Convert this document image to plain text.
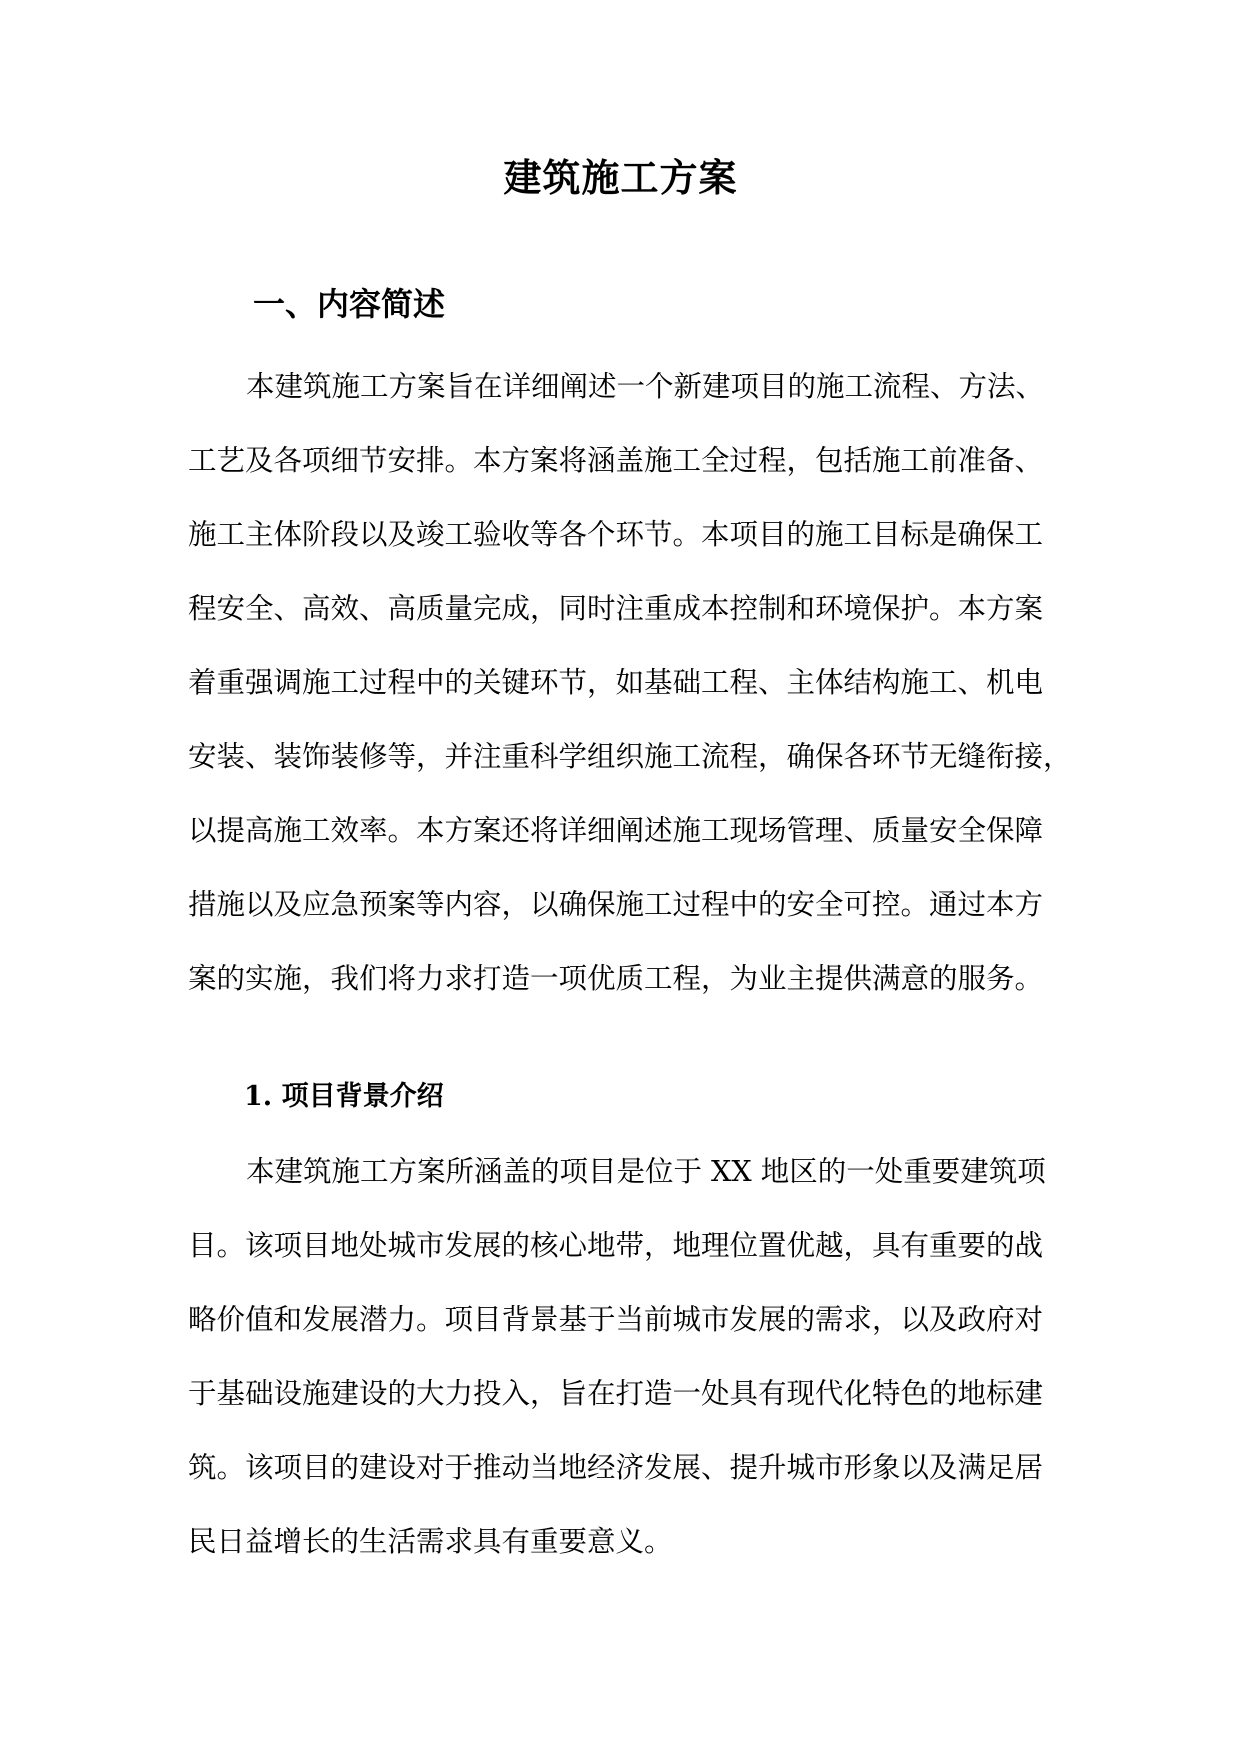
建筑施工方案
一、内容简述
本建筑施工方案旨在详细阐述一个新建项目的施工流程、方法、
工艺及各项细节安排。本方案将涵盖施工全过程，包括施工前准备、
施工主体阶段以及竣工验收等各个环节。本项目的施工目标是确保工
程安全、高效、高质量完成，同时注重成本控制和环境保护。本方案
着重强调施工过程中的关键环节，如基础工程、主体结构施工、机电
安装、装饰装修等，并注重科学组织施工流程，确保各环节无缝衔接，
以提高施工效率。本方案还将详细阐述施工现场管理、质量安全保障
措施以及应急预案等内容，以确保施工过程中的安全可控。通过本方
案的实施，我们将力求打造一项优质工程，为业主提供满意的服务。
1. 项目背景介绍
本建筑施工方案所涵盖的项目是位于 XX 地区的一处重要建筑项
目。该项目地处城市发展的核心地带，地理位置优越，具有重要的战
略价值和发展潜力。项目背景基于当前城市发展的需求，以及政府对
于基础设施建设的大力投入，旨在打造一处具有现代化特色的地标建
筑。该项目的建设对于推动当地经济发展、提升城市形象以及满足居
民日益增长的生活需求具有重要意义。
